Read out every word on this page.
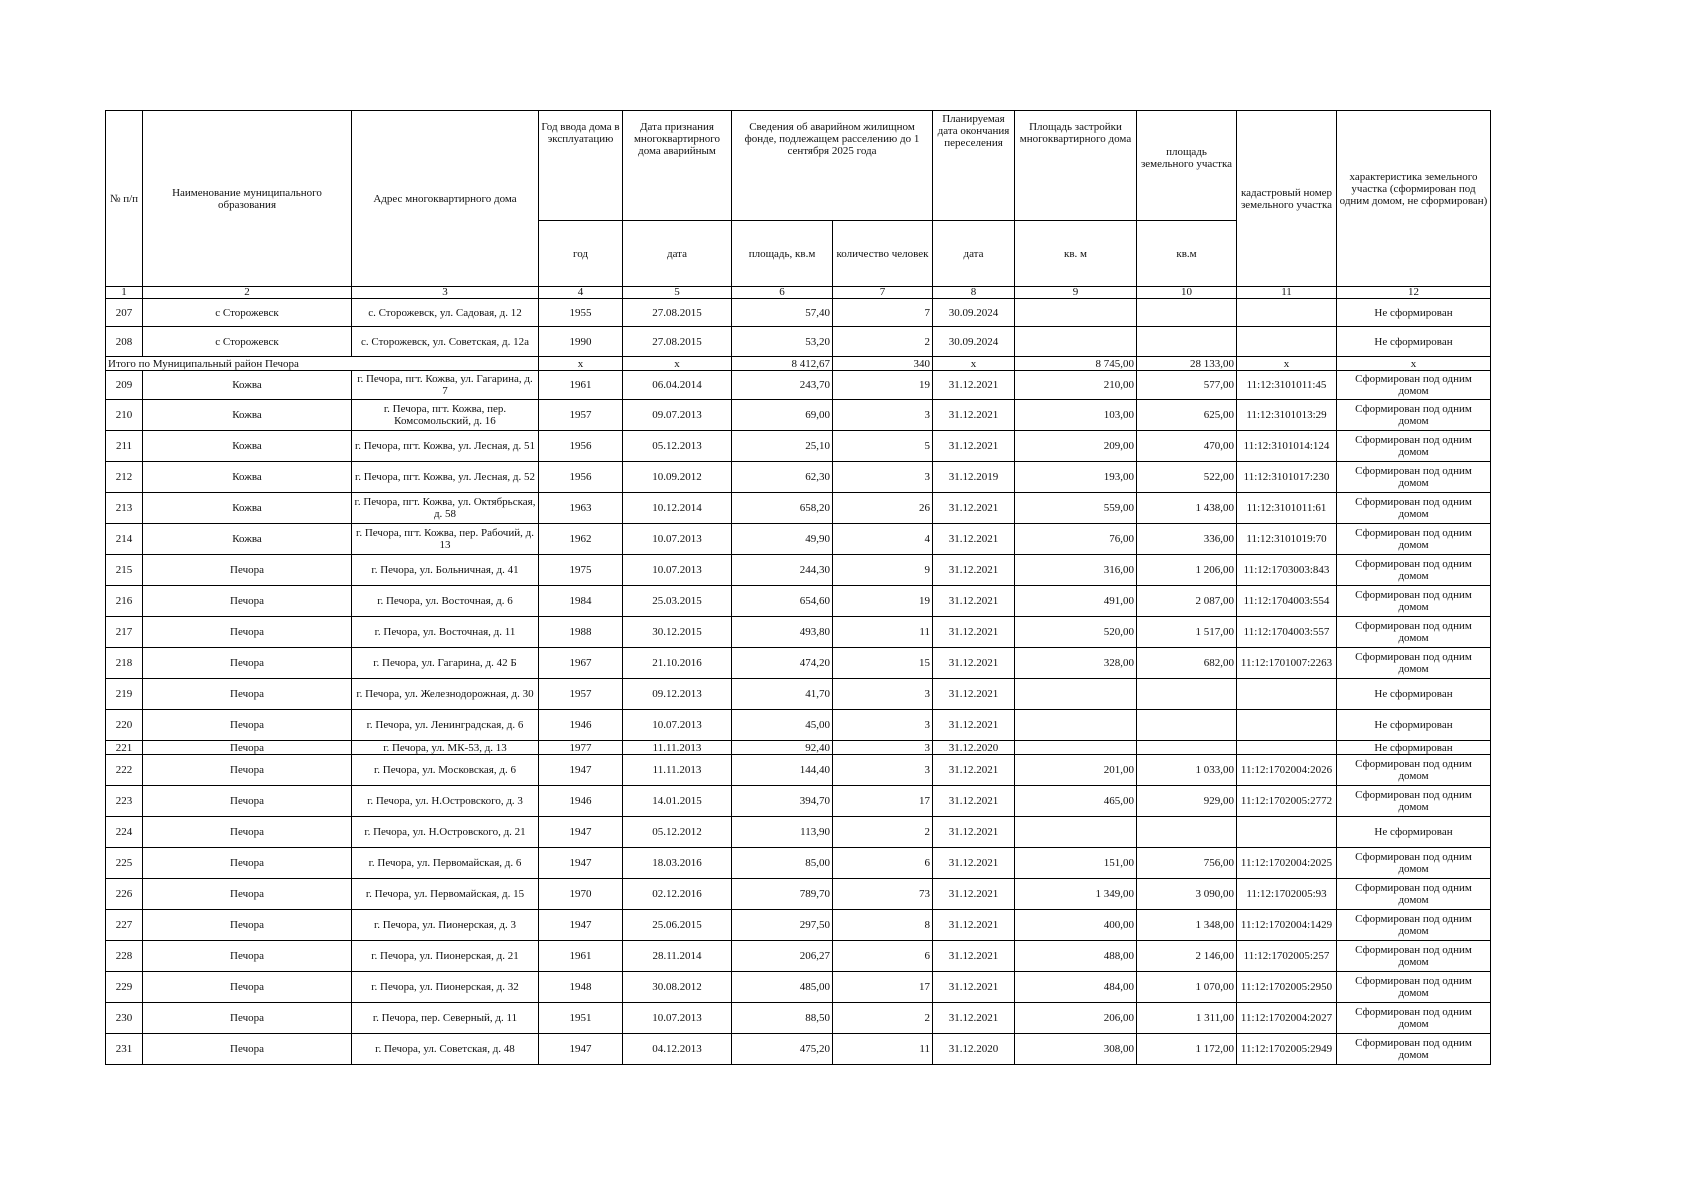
№ п/п	Наименование муниципального образования	Адрес многоквартирного дома	Год ввода дома в эксплуатацию	Дата признания многоквартирного дома аварийным	Сведения об аварийном жилищном фонде, подлежащем расселению до 1 сентября 2025 года		Планируемая дата окончания переселения	Площадь застройки многоквартирного дома	площадь земельного участка	кадастровый номер земельного участка	характеристика земельного участка (сформирован под одним домом, не сформирован)
			год	дата	площадь, кв.м	количество человек	дата	кв. м	кв.м		
1	2	3	4	5	6	7	8	9	10	11	12
207	с Сторожевск	с. Сторожевск, ул. Садовая, д. 12	1955	27.08.2015	57,40	7	30.09.2024				Не сформирован
208	с Сторожевск	с. Сторожевск, ул. Советская, д. 12а	1990	27.08.2015	53,20	2	30.09.2024				Не сформирован
Итого по Муниципальный район Печора			х	х	8 412,67	340	х	8 745,00	28 133,00	х	х
209	Кожва	г. Печора, пгт. Кожва, ул. Гагарина, д. 7	1961	06.04.2014	243,70	19	31.12.2021	210,00	577,00	11:12:3101011:45	Сформирован под одним домом
210	Кожва	г. Печора, пгт. Кожва, пер. Комсомольский, д. 16	1957	09.07.2013	69,00	3	31.12.2021	103,00	625,00	11:12:3101013:29	Сформирован под одним домом
211	Кожва	г. Печора, пгт. Кожва, ул. Лесная, д. 51	1956	05.12.2013	25,10	5	31.12.2021	209,00	470,00	11:12:3101014:124	Сформирован под одним домом
212	Кожва	г. Печора, пгт. Кожва, ул. Лесная, д. 52	1956	10.09.2012	62,30	3	31.12.2019	193,00	522,00	11:12:3101017:230	Сформирован под одним домом
213	Кожва	г. Печора, пгт. Кожва, ул. Октябрьская, д. 58	1963	10.12.2014	658,20	26	31.12.2021	559,00	1 438,00	11:12:3101011:61	Сформирован под одним домом
214	Кожва	г. Печора, пгт. Кожва, пер. Рабочий, д. 13	1962	10.07.2013	49,90	4	31.12.2021	76,00	336,00	11:12:3101019:70	Сформирован под одним домом
215	Печора	г. Печора, ул. Больничная, д. 41	1975	10.07.2013	244,30	9	31.12.2021	316,00	1 206,00	11:12:1703003:843	Сформирован под одним домом
216	Печора	г. Печора, ул. Восточная, д. 6	1984	25.03.2015	654,60	19	31.12.2021	491,00	2 087,00	11:12:1704003:554	Сформирован под одним домом
217	Печора	г. Печора, ул. Восточная, д. 11	1988	30.12.2015	493,80	11	31.12.2021	520,00	1 517,00	11:12:1704003:557	Сформирован под одним домом
218	Печора	г. Печора, ул. Гагарина, д. 42 Б	1967	21.10.2016	474,20	15	31.12.2021	328,00	682,00	11:12:1701007:2263	Сформирован под одним домом
219	Печора	г. Печора, ул. Железнодорожная, д. 30	1957	09.12.2013	41,70	3	31.12.2021				Не сформирован
220	Печора	г. Печора, ул. Ленинградская, д. 6	1946	10.07.2013	45,00	3	31.12.2021				Не сформирован
221	Печора	г. Печора, ул. МК-53, д. 13	1977	11.11.2013	92,40	3	31.12.2020				Не сформирован
222	Печора	г. Печора, ул. Московская, д. 6	1947	11.11.2013	144,40	3	31.12.2021	201,00	1 033,00	11:12:1702004:2026	Сформирован под одним домом
223	Печора	г. Печора, ул. Н.Островского, д. 3	1946	14.01.2015	394,70	17	31.12.2021	465,00	929,00	11:12:1702005:2772	Сформирован под одним домом
224	Печора	г. Печора, ул. Н.Островского, д. 21	1947	05.12.2012	113,90	2	31.12.2021				Не сформирован
225	Печора	г. Печора, ул. Первомайская, д. 6	1947	18.03.2016	85,00	6	31.12.2021	151,00	756,00	11:12:1702004:2025	Сформирован под одним домом
226	Печора	г. Печора, ул. Первомайская, д. 15	1970	02.12.2016	789,70	73	31.12.2021	1 349,00	3 090,00	11:12:1702005:93	Сформирован под одним домом
227	Печора	г. Печора, ул. Пионерская, д. 3	1947	25.06.2015	297,50	8	31.12.2021	400,00	1 348,00	11:12:1702004:1429	Сформирован под одним домом
228	Печора	г. Печора, ул. Пионерская, д. 21	1961	28.11.2014	206,27	6	31.12.2021	488,00	2 146,00	11:12:1702005:257	Сформирован под одним домом
229	Печора	г. Печора, ул. Пионерская, д. 32	1948	30.08.2012	485,00	17	31.12.2021	484,00	1 070,00	11:12:1702005:2950	Сформирован под одним домом
230	Печора	г. Печора, пер. Северный, д. 11	1951	10.07.2013	88,50	2	31.12.2021	206,00	1 311,00	11:12:1702004:2027	Сформирован под одним домом
231	Печора	г. Печора, ул. Советская, д. 48	1947	04.12.2013	475,20	11	31.12.2020	308,00	1 172,00	11:12:1702005:2949	Сформирован под одним домом
